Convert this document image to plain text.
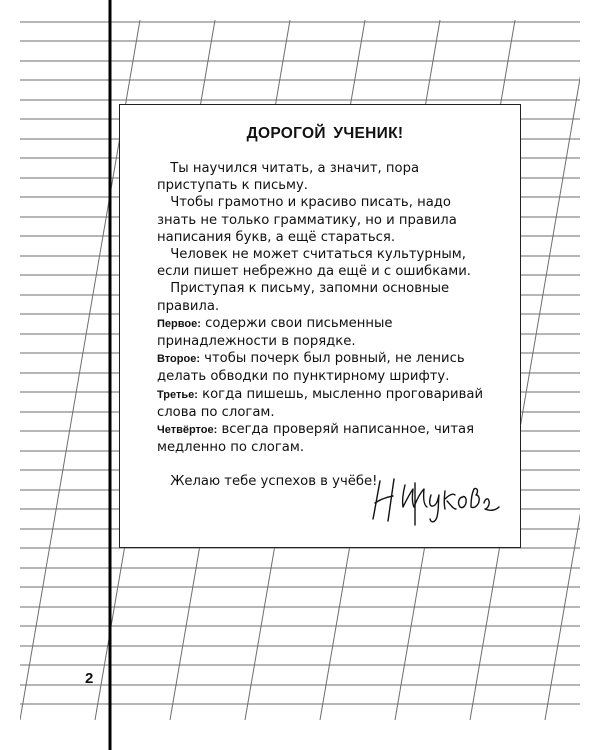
2
ДОРОГОЙ УЧЕНИК!

 Ты научился читать, а значит, пора приступать к письму.

 Чтобы грамотно и красиво писать, надо знать не только грамматику, но и правила написания букв, а ещё стараться.

 Человек не может считаться культурным, если пишет небрежно да ещё и с ошибками.

 Приступая к письму, запомни основные правила.

Первое: содержи свои письменные принадлежности в порядке.

Второе: чтобы почерк был ровный, не ленись делать обводки по пунктирному шрифту.

Третье: когда пишешь, мысленно проговаривай слова по слогам.

Четвёртое: всегда проверяй написанное, читая медленно по слогам.

 Желаю тебе успехов в учёбе!
